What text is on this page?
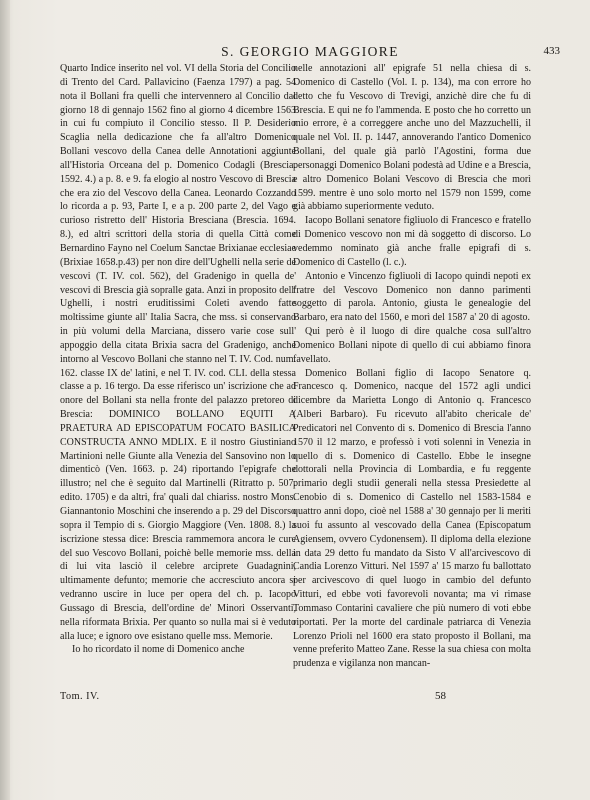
S. GEORGIO MAGGIORE	433

Quarto Indice inserito nel vol. VI della Storia del Concilio di Trento del Card. Pallavicino (Faenza 1797) a pag. 54 nota il Bollani fra quelli che intervennero al Concilio dal giorno 18 di gennajo 1562 fino al giorno 4 dicembre 1563 in cui fu compiuto il Concilio stesso. Il P. Desiderio Scaglia nella dedicazione che fa all'altro Domenico Bollani vescovo della Canea delle Annotationi aggiunte all'Historia Orceana del p. Domenico Codagli (Brescia. 1592. 4.) a p. 8. e 9. fa elogio al nostro Vescovo di Brescia che era zio del Vescovo della Canea. Leonardo Cozzando lo ricorda a p. 93, Parte I, e a p. 200 parte 2, del Vago e curioso ristretto dell' Historia Bresciana (Brescia. 1694. 8.), ed altri scrittori della storia di quella Città come Bernardino Fayno nel Coelum Sanctae Brixianae ecclesiae (Brixiae 1658.p.43) per non dire dell'Ughelli nella serie de vescovi (T. IV. col. 562), del Gradenigo in quella de' vescovi di Brescia già sopralle gata. Anzi in proposito dell' Ughelli, i nostri eruditissimi Coleti avendo fatte moltissime giunte all' Italia Sacra, che mss. si conservano in più volumi della Marciana, dissero varie cose sull' appoggio della citata Brixia sacra del Gradenigo, anche intorno al Vescovo Bollani che stanno nel T. IV. Cod. num. 162. classe IX de' latini, e nel T. IV. cod. CLI. della stessa classe a p. 16 tergo. Da esse riferisco un' iscrizione che ad onore del Bollani sta nella fronte del palazzo pretoreo di Brescia: DOMINICO BOLLANO EQUITI A PRAETURA AD EPISCOPATUM FOCATO BASILICA CONSTRUCTA ANNO MDLIX. E il nostro Giustiniano Martinioni nelle Giunte alla Venezia del Sansovino non lo dimenticò (Ven. 1663. p. 24) riportando l'epigrafe che illustro; nel che è seguito dal Martinelli (Ritratto p. 507. edito. 1705) e da altri, fra' quali dal chiariss. nostro Mons. Giannantonio Moschini che inserendo a p. 29 del Discorso sopra il Tempio di s. Giorgio Maggiore (Ven. 1808. 8.) la iscrizione stessa dice: Brescia rammemora ancora le cure del suo Vescovo Bollani, poichè belle memorie mss. della di lui vita lasciò il celebre arciprete Guadagnini, ultimamente defunto; memorie che accresciuto ancora si vedranno uscire in luce per opera del ch. p. Iacopo Gussago di Brescia, dell'ordine de' Minori Osservanti, nella riformata Brixia. Per quanto so nulla mai si è veduto alla luce; e ignoro ove esistano quelle mss. Memorie.

Io ho ricordato il nome di Domenico anche

nelle annotazioni all' epigrafe 51 nella chiesa di s. Domenico di Castello (Vol. I. p. 134), ma con errore ho detto che fu Vescovo di Trevigi, anzichè dire che fu di Brescia. E qui ne fo l'ammenda. E posto che ho corretto un mio errore, è a correggere anche uno del Mazzuchelli, il quale nel Vol. II. p. 1447, annoverando l'antico Domenico Bollani, del quale già parlò l'Agostini, forma due personaggi Domenico Bolani podestà ad Udine e a Brescia, e altro Domenico Bolani Vescovo di Brescia che morì 1599. mentre è uno solo morto nel 1579 non 1599, come già abbiamo superiormente veduto.

Iacopo Bollani senatore figliuolo di Francesco e fratello di Domenico vescovo non mi dà soggetto di discorso. Lo vedemmo nominato già anche fralle epigrafi di s. Domenico di Castello (l. c.).

Antonio e Vincenzo figliuoli di Iacopo quindi nepoti ex fratre del Vescovo Domenico non danno parimenti soggetto di parola. Antonio, giusta le genealogie del Barbaro, era nato del 1560, e morì del 1587 a' 20 di agosto.

Qui però è il luogo di dire qualche cosa sull'altro Domenico Bollani nipote di quello di cui abbiamo finora favellato.

Domenico Bollani figlio di Iacopo Senatore q. Francesco q. Domenico, nacque del 1572 agli undici dicembre da Marietta Longo di Antonio q. Francesco (Alberi Barbaro). Fu ricevuto all'abito chericale de' Predicatori nel Convento di s. Domenico di Brescia l'anno 1570 il 12 marzo, e professò i voti solenni in Venezia in quello di s. Domenico di Castello. Ebbe le insegne dottorali nella Provincia di Lombardia, e fu reggente primario degli studii generali nella stessa Presiedette al Cenobio di s. Domenico di Castello nel 1583-1584 e quattro anni dopo, cioè nel 1588 a' 30 gennajo per li meriti suoi fu assunto al vescovado della Canea (Episcopatum Agiensem, ovvero Cydonensem). Il diploma della elezione in data 29 detto fu mandato da Sisto V all'arcivescovo di Candia Lorenzo Vitturi. Nel 1597 a' 15 marzo fu ballottato per arcivescovo di quel luogo in cambio del defunto Vitturi, ed ebbe voti favorevoli novanta; ma vi rimase Tommaso Contarini cavaliere che più numero di voti ebbe riportati. Per la morte del cardinale patriarca di Venezia Lorenzo Prioli nel 1600 era stato proposto il Bollani, ma venne preferito Matteo Zane. Resse la sua chiesa con molta prudenza e vigilanza non mancan-

Tom. IV.	58
